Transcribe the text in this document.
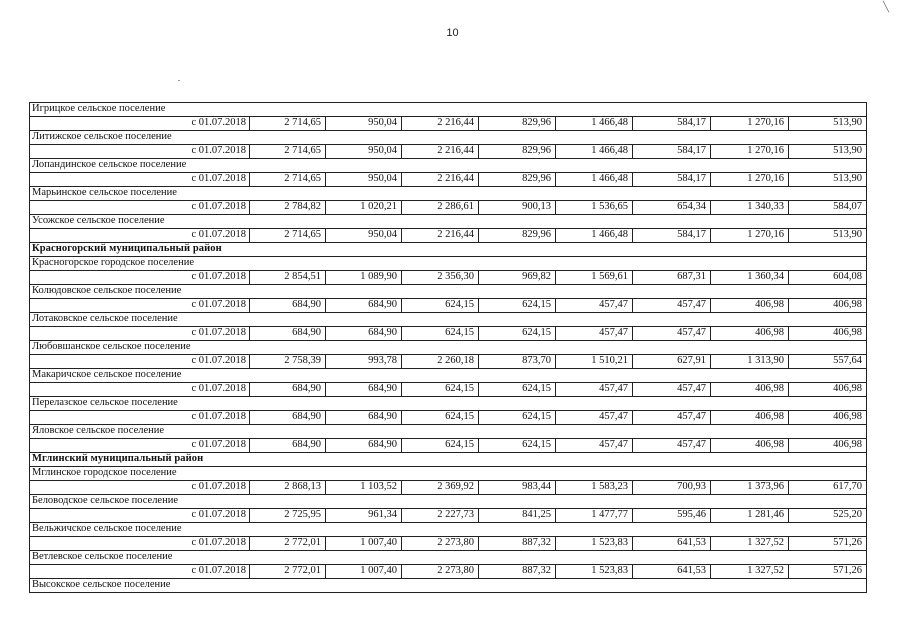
10
╲
Игрицкое сельское поселение								
с 01.07.2018	2 714,65	950,04	2 216,44	829,96	1 466,48	584,17	1 270,16	513,90
Литижское сельское поселение								
с 01.07.2018	2 714,65	950,04	2 216,44	829,96	1 466,48	584,17	1 270,16	513,90
Лопандинское сельское поселение								
с 01.07.2018	2 714,65	950,04	2 216,44	829,96	1 466,48	584,17	1 270,16	513,90
Марьинское сельское поселение								
с 01.07.2018	2 784,82	1 020,21	2 286,61	900,13	1 536,65	654,34	1 340,33	584,07
Усожское сельское поселение								
с 01.07.2018	2 714,65	950,04	2 216,44	829,96	1 466,48	584,17	1 270,16	513,90
Красногорский муниципальный район								
Красногорское городское поселение								
с 01.07.2018	2 854,51	1 089,90	2 356,30	969,82	1 569,61	687,31	1 360,34	604,08
Колюдовское сельское поселение								
с 01.07.2018	684,90	684,90	624,15	624,15	457,47	457,47	406,98	406,98
Лотаковское сельское поселение								
с 01.07.2018	684,90	684,90	624,15	624,15	457,47	457,47	406,98	406,98
Любовшанское сельское поселение								
с 01.07.2018	2 758,39	993,78	2 260,18	873,70	1 510,21	627,91	1 313,90	557,64
Макаричское сельское поселение								
с 01.07.2018	684,90	684,90	624,15	624,15	457,47	457,47	406,98	406,98
Перелазское сельское поселение								
с 01.07.2018	684,90	684,90	624,15	624,15	457,47	457,47	406,98	406,98
Яловское сельское поселение								
с 01.07.2018	684,90	684,90	624,15	624,15	457,47	457,47	406,98	406,98
Мглинский муниципальный район								
Мглинское городское поселение								
с 01.07.2018	2 868,13	1 103,52	2 369,92	983,44	1 583,23	700,93	1 373,96	617,70
Беловодское сельское поселение								
с 01.07.2018	2 725,95	961,34	2 227,73	841,25	1 477,77	595,46	1 281,46	525,20
Вельжичское сельское поселение								
с 01.07.2018	2 772,01	1 007,40	2 273,80	887,32	1 523,83	641,53	1 327,52	571,26
Ветлевское сельское поселение								
с 01.07.2018	2 772,01	1 007,40	2 273,80	887,32	1 523,83	641,53	1 327,52	571,26
Высокское сельское поселение								
